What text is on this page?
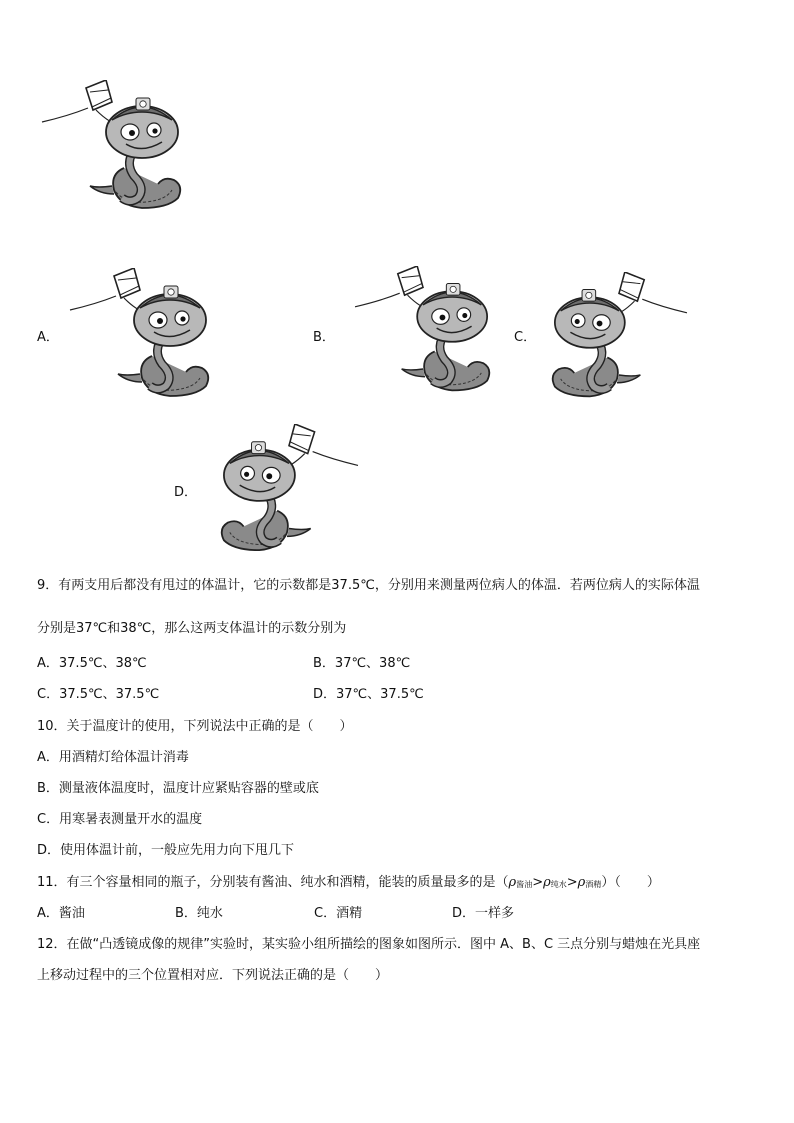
A．	B．	C．
D．
9．有两支用后都没有甩过的体温计，它的示数都是37.5℃，分别用来测量两位病人的体温．若两位病人的实际体温
分别是37℃和38℃，那么这两支体温计的示数分别为
A．37.5℃、38℃	B．37℃、38℃
C．37.5℃、37.5℃	D．37℃、37.5℃
10．关于温度计的使用，下列说法中正确的是（　　）
A．用酒精灯给体温计消毒
B．测量液体温度时，温度计应紧贴容器的壁或底
C．用寒暑表测量开水的温度
D．使用体温计前，一般应先用力向下甩几下
11．有三个容量相同的瓶子，分别装有酱油、纯水和酒精，能装的质量最多的是$(\rho_{酱油}>\rho_{纯水}>\rho_{酒精})$（　　）
A．酱油	B．纯水	C．酒精	D．一样多
12．在做“凸透镜成像的规律”实验时，某实验小组所描绘的图象如图所示．图中 A、B、C 三点分别与蜡烛在光具座
上移动过程中的三个位置相对应．下列说法正确的是（　　）
